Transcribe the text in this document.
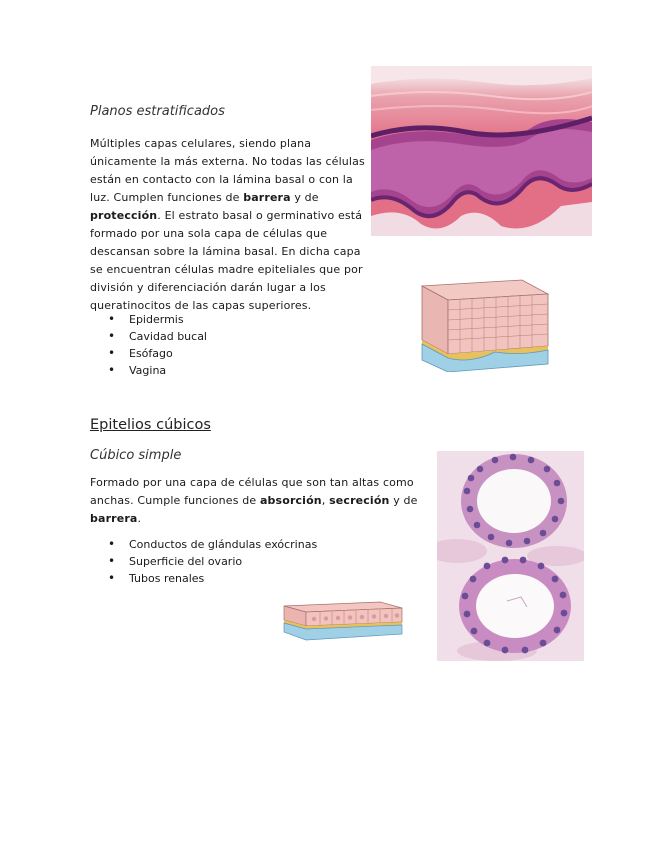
Planos estratificados
Múltiples capas celulares, siendo plana únicamente la más externa. No todas las células están en contacto con la lámina basal o con la luz. Cumplen funciones de barrera y de protección. El estrato basal o germinativo está formado por una sola capa de células que descansan sobre la lámina basal. En dicha capa se encuentran células madre epiteliales que por división y diferenciación darán lugar a los queratinocitos de las capas superiores.
• Epidermis
• Cavidad bucal
• Esófago
• Vagina
Epitelios cúbicos
Cúbico simple
Formado por una capa de células que son tan altas como anchas. Cumple funciones de absorción, secreción y de barrera.
• Conductos de glándulas exócrinas
• Superficie del ovario
• Tubos renales
